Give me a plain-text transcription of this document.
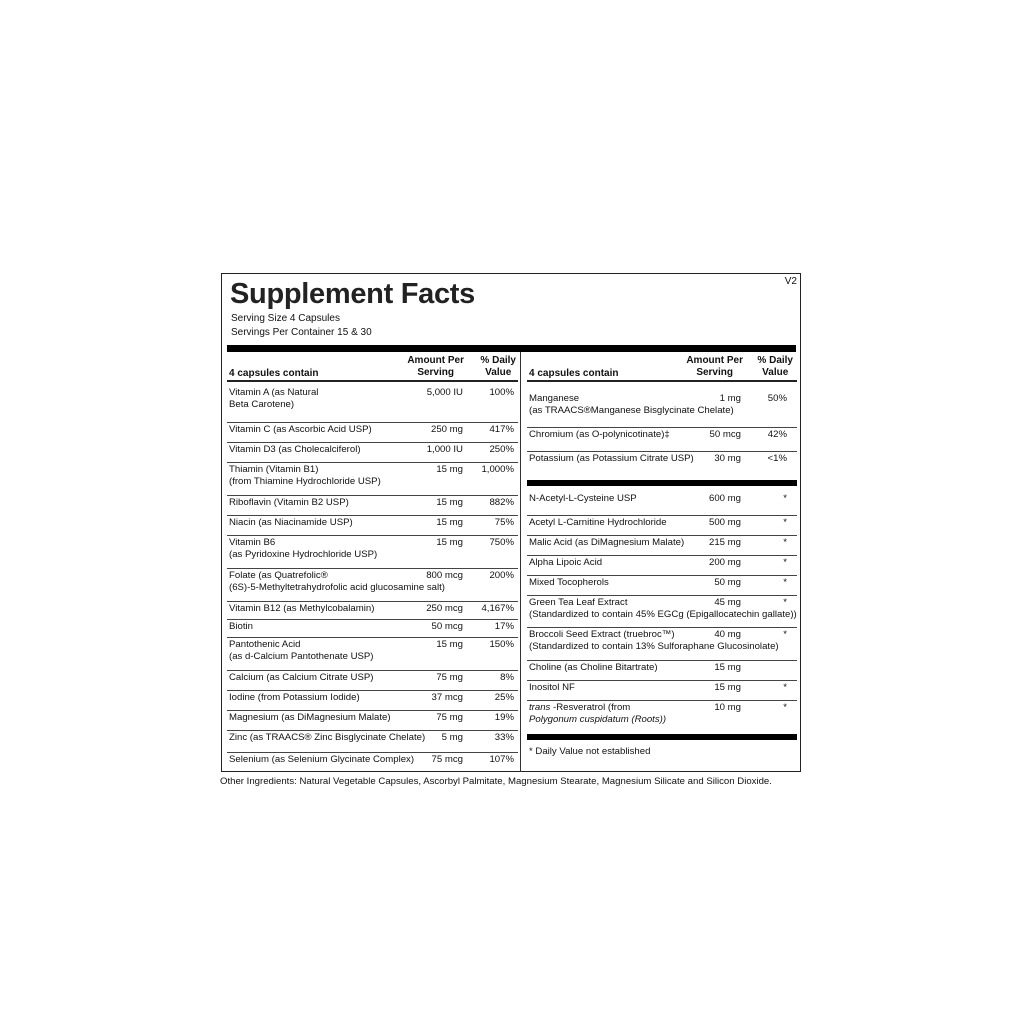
Supplement Facts	V2
Serving Size 4 Capsules
Servings Per Container 15 & 30
4 capsules contain
Amount Per
Serving
% Daily
Value
Vitamin A (as Natural
Beta Carotene)
5,000 IU	100%
Vitamin C (as Ascorbic Acid USP)	250 mg	417%
Vitamin D3 (as Cholecalciferol)	1,000 IU	250%
Thiamin (Vitamin B1)
(from Thiamine Hydrochloride USP)
15 mg 1,000%
Riboflavin (Vitamin B2 USP)	15 mg	882%
Niacin (as Niacinamide USP)	15 mg	75%
Vitamin B6
(as Pyridoxine Hydrochloride USP)
15 mg	750%
Folate (as Quatrefolic®
(6S)-5-Methyltetrahydrofolic acid glucosamine salt)
800 mcg	200%
Vitamin B12 (as Methylcobalamin)	250 mcg 4,167%
Biotin	50 mcg	17%
Pantothenic Acid
(as d-Calcium Pantothenate USP)
15 mg	150%
Calcium (as Calcium Citrate USP)	75 mg	8%
Iodine (from Potassium Iodide)	37 mcg	25%
Magnesium (as DiMagnesium Malate)	75 mg	19%
Zinc (as TRAACS® Zinc Bisglycinate Chelate) 5 mg	33%
Selenium (as Selenium Glycinate Complex) 75 mcg	107%
4 capsules contain
Amount Per
Serving
% Daily
Value
Manganese
(as TRAACS®Manganese Bisglycinate Chelate)
1 mg	50%
Chromium (as O-polynicotinate)‡	50 mcg	42%
Potassium (as Potassium Citrate USP) 30 mg	<1%
N-Acetyl-L-Cysteine USP	600 mg	*
Acetyl L-Carnitine Hydrochloride	500 mg	*
Malic Acid (as DiMagnesium Malate)	215 mg	*
Alpha Lipoic Acid	200 mg	*
Mixed Tocopherols	50 mg	*
Green Tea Leaf Extract
(Standardized to contain 45% EGCg (Epigallocatechin gallate))
45 mg	*
Broccoli Seed Extract (truebroc™)
(Standardized to contain 13% Sulforaphane Glucosinolate)
40 mg	*
Choline (as Choline Bitartrate)	15 mg
Inositol NF	15 mg	*
trans -Resveratrol (from
Polygonum cuspidatum (Roots))
10 mg	*
* Daily Value not established
Other Ingredients: Natural Vegetable Capsules, Ascorbyl Palmitate, Magnesium Stearate, Magnesium Silicate and Silicon Dioxide.
